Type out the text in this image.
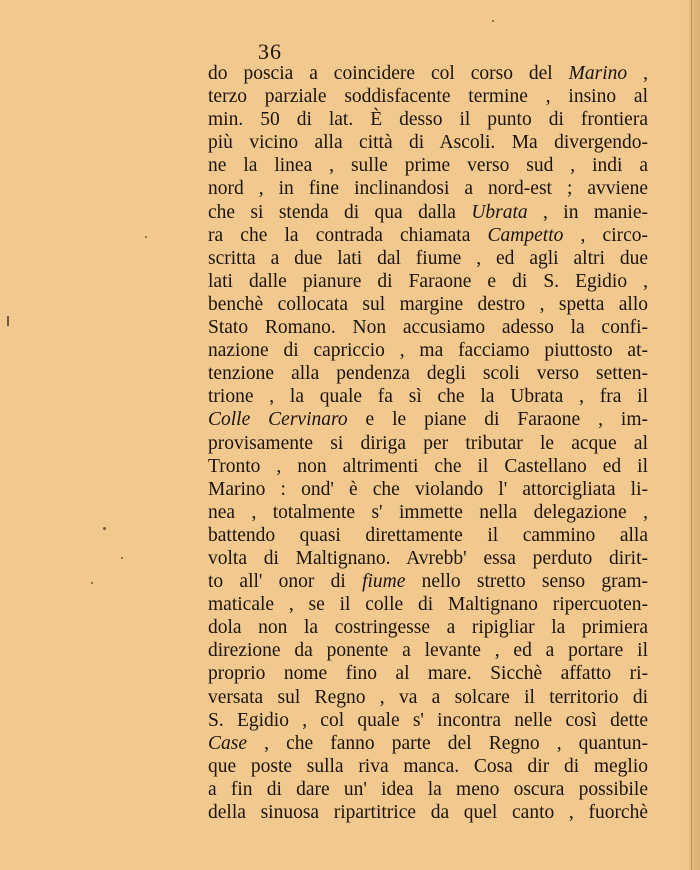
36
do poscia a coincidere col corso del Marino ,
terzo parziale soddisfacente termine , insino al
min. 50 di lat. È desso il punto di frontiera
più vicino alla città di Ascoli. Ma divergendo-
ne la linea , sulle prime verso sud , indi a
nord , in fine inclinandosi a nord-est ; avviene
che si stenda di qua dalla Ubrata , in manie-
ra che la contrada chiamata Campetto , circo-
scritta a due lati dal fiume , ed agli altri due
lati dalle pianure di Faraone e di S. Egidio ,
benchè collocata sul margine destro , spetta allo
Stato Romano. Non accusiamo adesso la confi-
nazione di capriccio , ma facciamo piuttosto at-
tenzione alla pendenza degli scoli verso setten-
trione , la quale fa sì che la Ubrata , fra il
Colle Cervinaro e le piane di Faraone , im-
provisamente si diriga per tributar le acque al
Tronto , non altrimenti che il Castellano ed il
Marino : ond' è che violando l' attorcigliata li-
nea , totalmente s' immette nella delegazione ,
battendo quasi direttamente il cammino alla
volta di Maltignano. Avrebb' essa perduto dirit-
to all' onor di fiume nello stretto senso gram-
maticale , se il colle di Maltignano ripercuoten-
dola non la costringesse a ripigliar la primiera
direzione da ponente a levante , ed a portare il
proprio nome fino al mare. Sicchè affatto ri-
versata sul Regno , va a solcare il territorio di
S. Egidio , col quale s' incontra nelle così dette
Case , che fanno parte del Regno , quantun-
que poste sulla riva manca. Cosa dir di meglio
a fin di dare un' idea la meno oscura possibile
della sinuosa ripartitrice da quel canto , fuorchè
